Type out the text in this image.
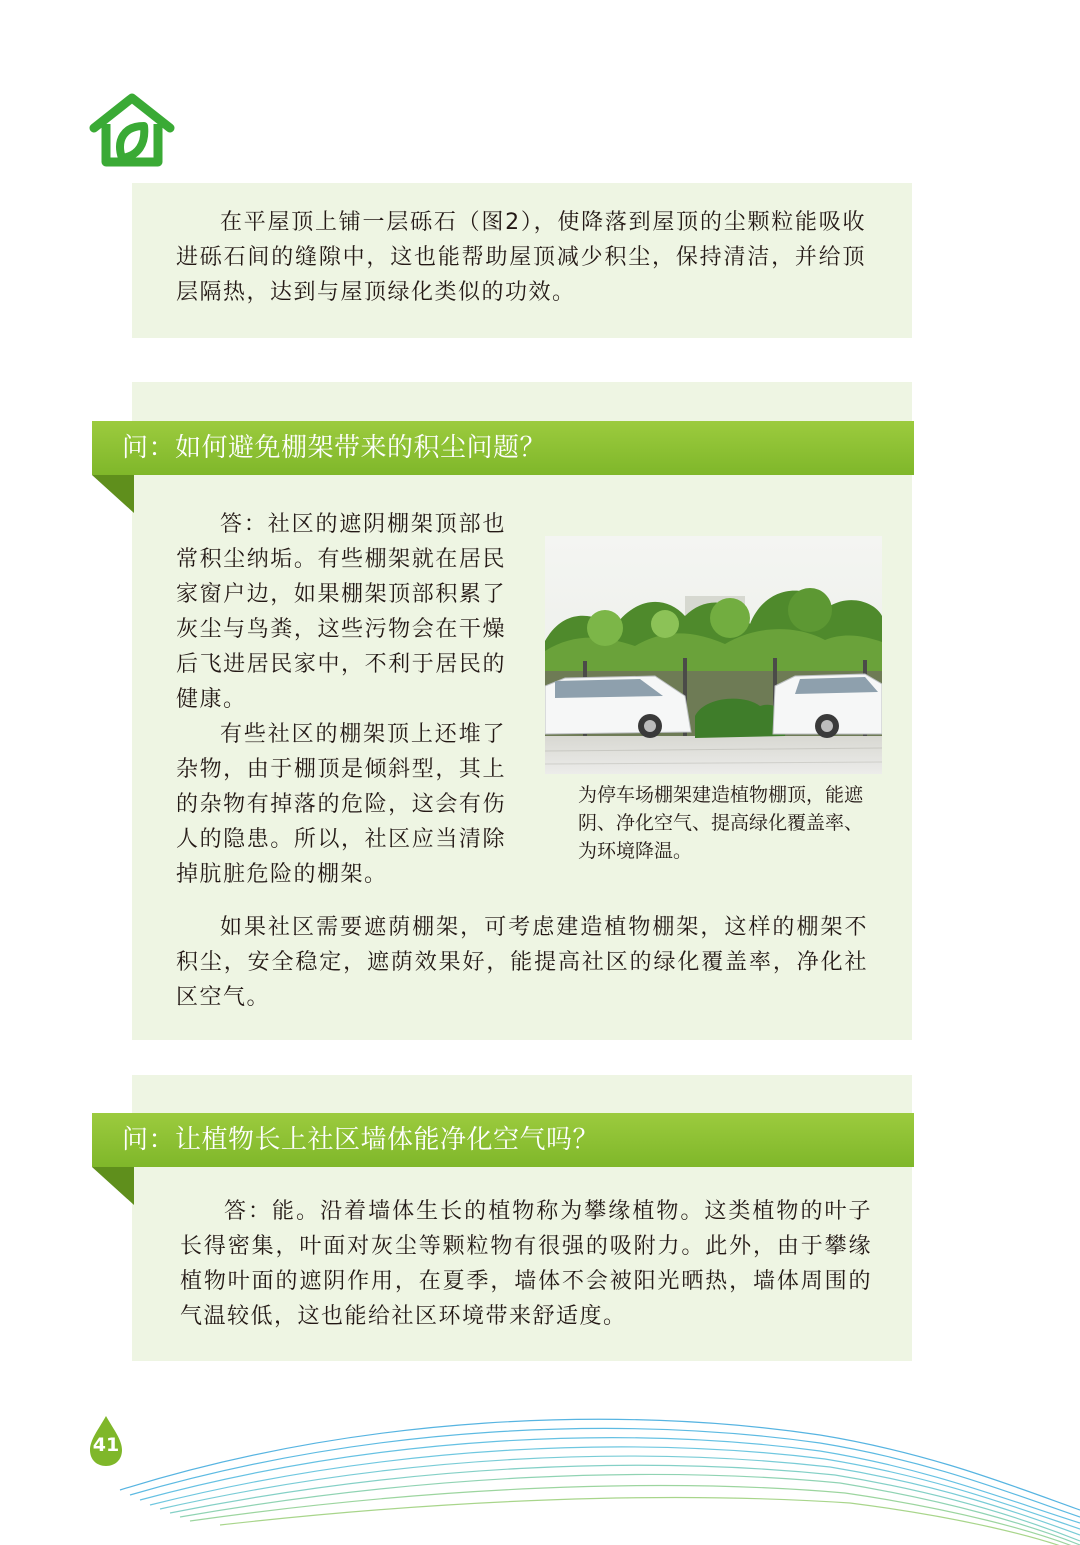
在平屋顶上铺一层砾石（图2），使降落到屋顶的尘颗粒能吸收进砾石间的缝隙中，这也能帮助屋顶减少积尘，保持清洁，并给顶层隔热，达到与屋顶绿化类似的功效。

问：如何避免棚架带来的积尘问题？

答：社区的遮阴棚架顶部也常积尘纳垢。有些棚架就在居民家窗户边，如果棚架顶部积累了灰尘与鸟粪，这些污物会在干燥后飞进居民家中，不利于居民的健康。

有些社区的棚架顶上还堆了杂物，由于棚顶是倾斜型，其上的杂物有掉落的危险，这会有伤人的隐患。所以，社区应当清除掉肮脏危险的棚架。

为停车场棚架建造植物棚顶，能遮阴、净化空气、提高绿化覆盖率、为环境降温。

如果社区需要遮荫棚架，可考虑建造植物棚架，这样的棚架不积尘，安全稳定，遮荫效果好，能提高社区的绿化覆盖率，净化社区空气。

问：让植物长上社区墙体能净化空气吗？

答：能。沿着墙体生长的植物称为攀缘植物。这类植物的叶子长得密集，叶面对灰尘等颗粒物有很强的吸附力。此外，由于攀缘植物叶面的遮阴作用，在夏季，墙体不会被阳光晒热，墙体周围的气温较低，这也能给社区环境带来舒适度。

41
